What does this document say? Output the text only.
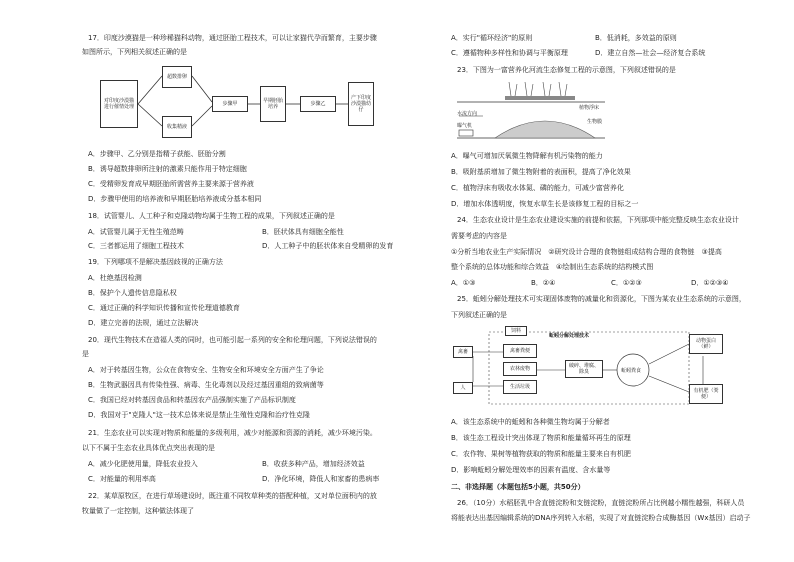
17．印度沙漠猫是一种珍稀猫科动物，通过胚胎工程技术，可以让家猫代孕而繁育，主要步骤
如图所示，下列相关叙述正确的是
对印度沙漠猫进行催情处理
超数排卵
收集精液
步骤甲	早期胚胎培养	步骤乙
产下印度沙漠猫幼仔
A．步骤甲、乙分别是指精子获能、胚胎分割
B．诱导超数排卵所注射的激素只能作用于特定细胞
C．受精卵发育成早期胚胎所需营养主要来源于营养液
D．步骤甲使用的培养液和早期胚胎培养液成分基本相同
18．试管婴儿、人工种子和克隆动物均属于生物工程的成果，下列叙述正确的是
A．试管婴儿属于无性生殖范畴	B．胚状体具有细胞全能性
C．三者都运用了细胞工程技术	D．人工种子中的胚状体来自受精卵的发育
19．下列哪项不是解决基因歧视的正确方法
A．杜绝基因检测
B．保护个人遗传信息隐私权
C．通过正确的科学知识传播和宣传伦理道德教育
D．建立完善的法规，通过立法解决
20．现代生物技术在造福人类的同时，也可能引起一系列的安全和伦理问题，下列说法错误的
是
A．对于转基因生物，公众在食物安全、生物安全和环境安全方面产生了争论
B．生物武器因具有传染性强、病毒、生化毒剂以及经过基因重组的致病菌等
C．我国已经对转基因食品和转基因农产品强制实施了产品标识制度
D．我国对于"克隆人"这一技术总体来说是禁止生殖性克隆和治疗性克隆
21．生态农业可以实现对物质和能量的多级利用，减少对能源和资源的消耗，减少环境污染。
以下不属于生态农业具体优点突出表现的是
A．减少化肥使用量，降低农业投入	B．收获多种产品，增加经济效益
C．对能量的利用率高	D．净化环境，降低人和家畜的患病率
22．某草原牧区，在进行草场建设时，既注重不同牧草种类的搭配种植，又对单位面积内的放
牧量做了一定控制，这种做法体现了
A．实行"循环经济"的原则	B．低消耗，多效益的原则
C．遵循物种多样性和协调与平衡原理	D．建立自然—社会—经济复合系统
23．下图为一富营养化河流生态修复工程的示意图，下列叙述错误的是
水流方向
曝气机
植物浮床
生物膜
A．曝气可增加厌氧微生物降解有机污染物的能力
B．吸附基质增加了微生物附着的表面积，提高了净化效果
C．植物浮床有吸收水体氮、磷的能力，可减少富营养化
D．增加水体透明度，恢复水草生长是该修复工程的目标之一
24．生态农业设计是生态农业建设实施的前提和依据，下列那项中能完整反映生态农业设计
需要考虑的内容是
①分析当地农业生产实际情况　②研究设计合理的食物链组成结构合理的食物链　③提高
整个系统的总体功能和综合效益　④绘制出生态系统的结构模式图
A．①③	B．②④	C．①②③	D．①②③④
25．蚯蚓分解处理技术可实现固体废物的减量化和资源化，下图为某农业生态系统的示意图，
下列叙述正确的是
饲料
蚯蚓分解处理技术
禽畜
人
禽畜粪便
农林废物
生活垃圾
破碎、堆腐、除臭	蚯蚓粪食
动物蛋白（鲜）
有机肥（粪便）
A．该生态系统中的蚯蚓和各种微生物均属于分解者
B．该生态工程设计突出体现了物质和能量循环再生的原理
C．农作物、果树等植物获取的物质和能量主要来自有机肥
D．影响蚯蚓分解处理效率的因素有温度、含水量等
二、非选择题（本题包括5小题，共50分）
26．（10分）水稻胚乳中含直链淀粉和支链淀粉，直链淀粉所占比例越小糯性越强，科研人员
将能表达出基因编辑系统的DNA序列转入水稻，实现了对直链淀粉合成酶基因（Wx基因）启动子
